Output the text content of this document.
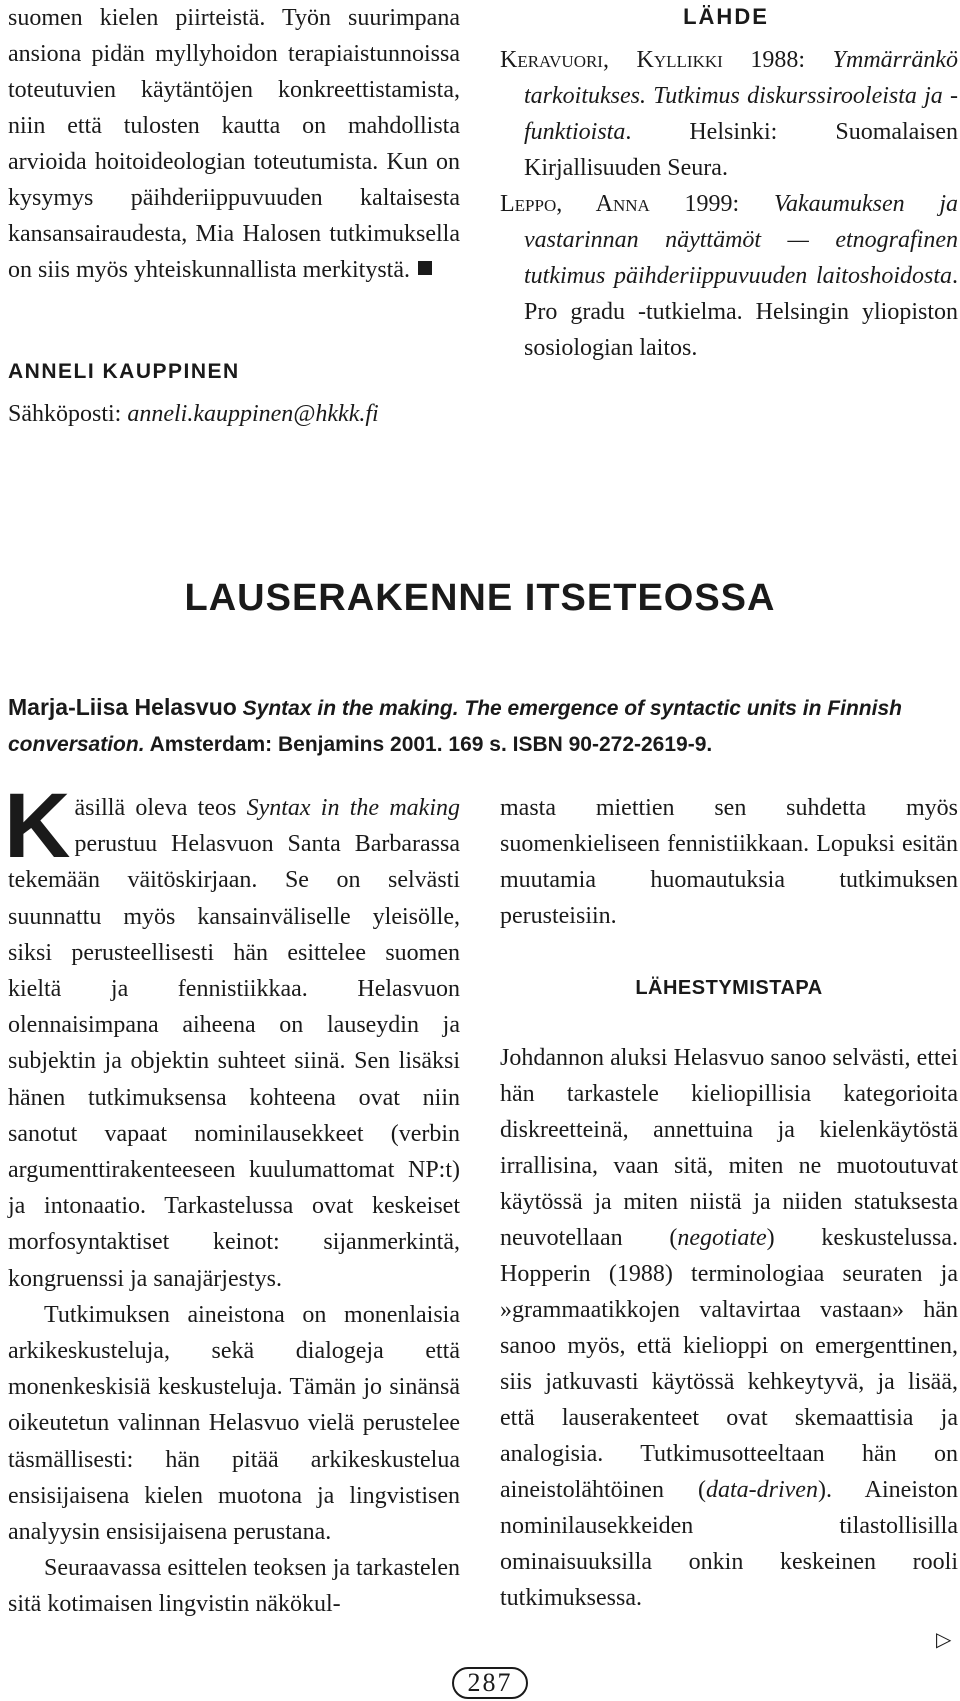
suomen kielen piirteistä. Työn suurimpana ansiona pidän myllyhoidon terapiaistunnoissa toteutuvien käytäntöjen konkreettistamista, niin että tulosten kautta on mahdollista arvioida hoitoideologian toteutumista. Kun on kysymys päihderiippuvuuden kaltaisesta kansansairaudesta, Mia Halosen tutkimuksella on siis myös yhteiskunnallista merkitystä.

ANNELI KAUPPINEN
Sähköposti: anneli.kauppinen@hkkk.fi
LÄHDE

Keravuori, Kyllikki 1988: Ymmärränkö tarkoitukses. Tutkimus diskurssirooleista ja -funktioista. Helsinki: Suomalaisen Kirjallisuuden Seura.

Leppo, Anna 1999: Vakaumuksen ja vastarinnan näyttämöt — etnografinen tutkimus päihderiippuvuuden laitoshoidosta. Pro gradu -tutkielma. Helsingin yliopiston sosiologian laitos.

LAUSERAKENNE ITSETEOSSA
Marja-Liisa Helasvuo Syntax in the making. The emergence of syntactic units in Finnish conversation. Amsterdam: Benjamins 2001. 169 s. ISBN 90-272-2619-9.

Käsillä oleva teos Syntax in the making perustuu Helasvuon Santa Barbarassa tekemään väitöskirjaan. Se on selvästi suunnattu myös kansainväliselle yleisölle, siksi perusteellisesti hän esittelee suomen kieltä ja fennistiikkaa. Helasvuon olennaisimpana aiheena on lauseydin ja subjektin ja objektin suhteet siinä. Sen lisäksi hänen tutkimuksensa kohteena ovat niin sanotut vapaat nominilausekkeet (verbin argumenttirakenteeseen kuulumattomat NP:t) ja intonaatio. Tarkastelussa ovat keskeiset morfosyntaktiset keinot: sijanmerkintä, kongruenssi ja sanajärjestys.

Tutkimuksen aineistona on monenlaisia arkikeskusteluja, sekä dialogeja että monenkeskisiä keskusteluja. Tämän jo sinänsä oikeutetun valinnan Helasvuo vielä perustelee täsmällisesti: hän pitää arkikeskustelua ensisijaisena kielen muotona ja lingvistisen analyysin ensisijaisena perustana.

Seuraavassa esittelen teoksen ja tarkastelen sitä kotimaisen lingvistin näkökul-

masta miettien sen suhdetta myös suomenkieliseen fennistiikkaan. Lopuksi esitän muutamia huomautuksia tutkimuksen perusteisiin.

LÄHESTYMISTAPA

Johdannon aluksi Helasvuo sanoo selvästi, ettei hän tarkastele kieliopillisia kategorioita diskreetteinä, annettuina ja kielenkäytöstä irrallisina, vaan sitä, miten ne muotoutuvat käytössä ja miten niistä ja niiden statuksesta neuvotellaan (negotiate) keskustelussa. Hopperin (1988) terminologiaa seuraten ja »grammaatikkojen valtavirtaa vastaan» hän sanoo myös, että kielioppi on emergenttinen, siis jatkuvasti käytössä kehkeytyvä, ja lisää, että lauserakenteet ovat skemaattisia ja analogisia. Tutkimusotteeltaan hän on aineistolähtöinen (data-driven). Aineiston nominilausekkeiden tilastollisilla ominaisuuksilla onkin keskeinen rooli tutkimuksessa.

▷
287
